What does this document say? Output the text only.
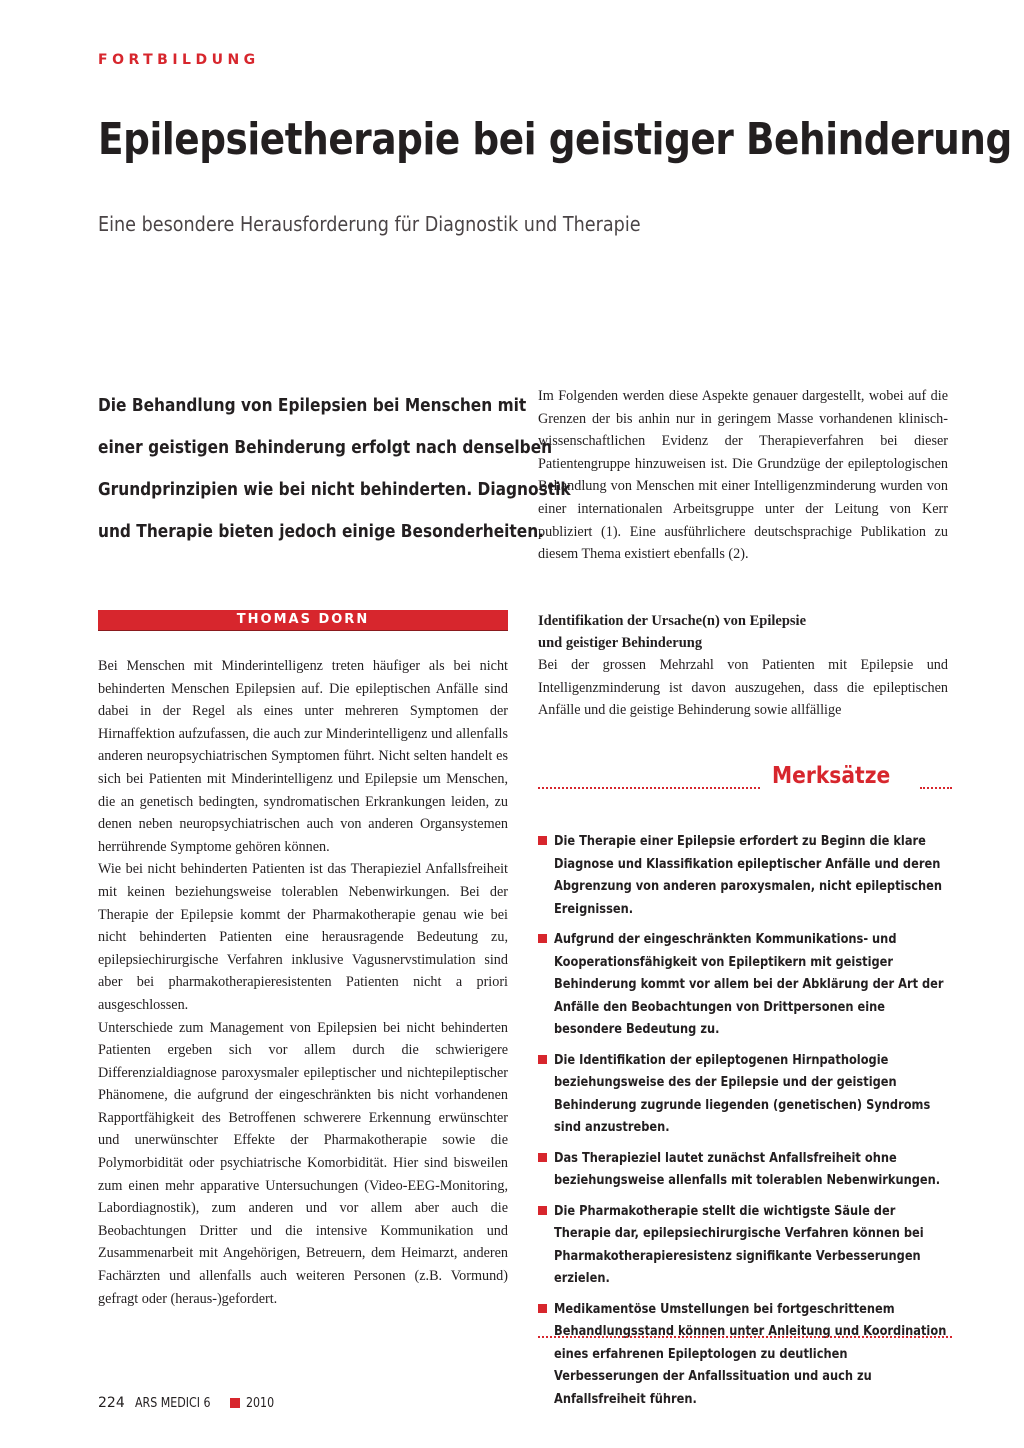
FORTBILDUNG
Epilepsietherapie bei geistiger Behinderung
Eine besondere Herausforderung für Diagnostik und Therapie

Die Behandlung von Epilepsien bei Menschen mit

einer geistigen Behinderung erfolgt nach denselben

Grundprinzipien wie bei nicht behinderten. Diagnostik

und Therapie bieten jedoch einige Besonderheiten.

THOMAS DORN

Bei Menschen mit Minderintelligenz treten häufiger als bei nicht behinderten Menschen Epilepsien auf. Die epileptischen Anfälle sind dabei in der Regel als eines unter mehreren Symptomen der Hirnaffektion aufzufassen, die auch zur Minderintelligenz und allenfalls anderen neuropsychiatrischen Symptomen führt. Nicht selten handelt es sich bei Patienten mit Minderintelligenz und Epilepsie um Menschen, die an genetisch bedingten, syndromatischen Erkrankungen leiden, zu denen neben neuropsychiatrischen auch von anderen Organsystemen herrührende Symptome gehören können.

Wie bei nicht behinderten Patienten ist das Therapieziel Anfallsfreiheit mit keinen beziehungsweise tolerablen Nebenwirkungen. Bei der Therapie der Epilepsie kommt der Pharmakotherapie genau wie bei nicht behinderten Patienten eine herausragende Bedeutung zu, epilepsiechirurgische Verfahren inklusive Vagusnervstimulation sind aber bei pharmakotherapieresistenten Patienten nicht a priori ausgeschlossen.

Unterschiede zum Management von Epilepsien bei nicht behinderten Patienten ergeben sich vor allem durch die schwierigere Differenzialdiagnose paroxysmaler epileptischer und nichtepileptischer Phänomene, die aufgrund der eingeschränkten bis nicht vorhandenen Rapportfähigkeit des Betroffenen schwerere Erkennung erwünschter und unerwünschter Effekte der Pharmakotherapie sowie die Polymorbidität oder psychiatrische Komorbidität. Hier sind bisweilen zum einen mehr apparative Untersuchungen (Video-EEG-Monitoring, Labordiagnostik), zum anderen und vor allem aber auch die Beobachtungen Dritter und die intensive Kommunikation und Zusammenarbeit mit Angehörigen, Betreuern, dem Heimarzt, anderen Fachärzten und allenfalls auch weiteren Personen (z.B. Vormund) gefragt oder (heraus-)gefordert.

Im Folgenden werden diese Aspekte genauer dargestellt, wobei auf die Grenzen der bis anhin nur in geringem Masse vorhandenen klinisch-wissenschaftlichen Evidenz der Therapieverfahren bei dieser Patientengruppe hinzuweisen ist. Die Grundzüge der epileptologischen Behandlung von Menschen mit einer Intelligenzminderung wurden von einer internationalen Arbeitsgruppe unter der Leitung von Kerr publiziert (1). Eine ausführlichere deutschsprachige Publikation zu diesem Thema existiert ebenfalls (2).

Identifikation der Ursache(n) von Epilepsie

und geistiger Behinderung

Bei der grossen Mehrzahl von Patienten mit Epilepsie und Intelligenzminderung ist davon auszugehen, dass die epileptischen Anfälle und die geistige Behinderung sowie allfällige

Merksätze
Die Therapie einer Epilepsie erfordert zu Beginn die klare Diagnose und Klassifikation epileptischer Anfälle und deren Abgrenzung von anderen paroxysmalen, nicht epileptischen Ereignissen.
Aufgrund der eingeschränkten Kommunikations- und Kooperationsfähigkeit von Epileptikern mit geistiger Behinderung kommt vor allem bei der Abklärung der Art der Anfälle den Beobachtungen von Drittpersonen eine besondere Bedeutung zu.
Die Identifikation der epileptogenen Hirnpathologie beziehungsweise des der Epilepsie und der geistigen Behinderung zugrunde liegenden (genetischen) Syndroms sind anzustreben.
Das Therapieziel lautet zunächst Anfallsfreiheit ohne beziehungsweise allenfalls mit tolerablen Nebenwirkungen.
Die Pharmakotherapie stellt die wichtigste Säule der Therapie dar, epilepsiechirurgische Verfahren können bei Pharmakotherapieresistenz signifikante Verbesserungen erzielen.
Medikamentöse Umstellungen bei fortgeschrittenem Behandlungsstand können unter Anleitung und Koordination eines erfahrenen Epileptologen zu deutlichen Verbesserungen der Anfallssituation und auch zu Anfallsfreiheit führen.
224 ARS MEDICI 6	2010
